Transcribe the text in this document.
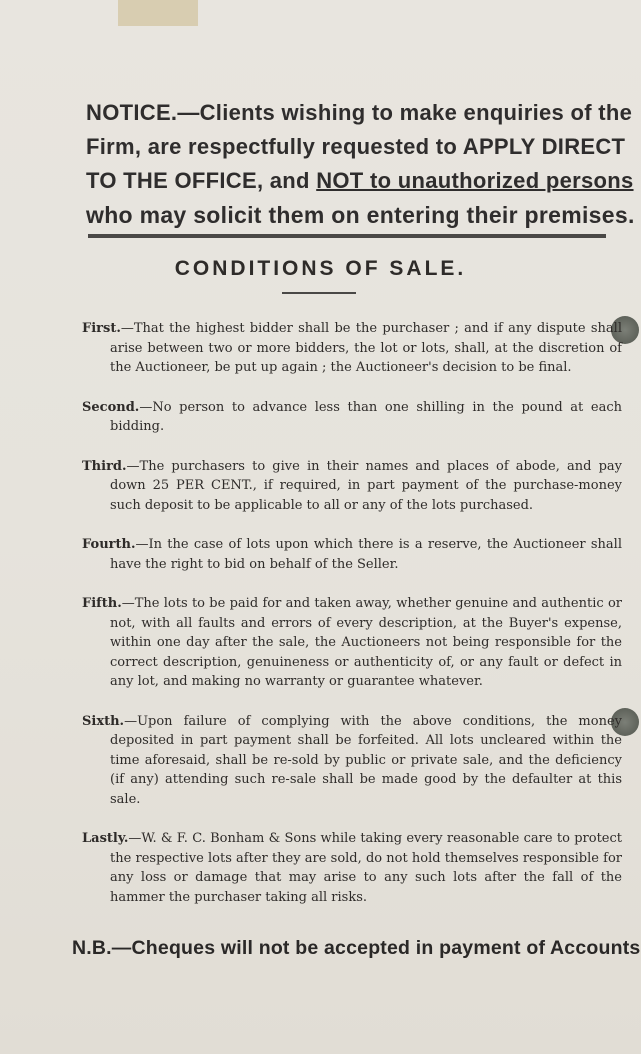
NOTICE.—Clients wishing to make enquiries of the
Firm, are respectfully requested to APPLY DIRECT
TO THE OFFICE, and NOT to unauthorized persons
who may solicit them on entering their premises.
CONDITIONS OF SALE.

First.—That the highest bidder shall be the purchaser ; and if any dispute shall arise between two or more bidders, the lot or lots, shall, at the discretion of the Auctioneer, be put up again ; the Auctioneer's decision to be final.

Second.—No person to advance less than one shilling in the pound at each bidding.

Third.—The purchasers to give in their names and places of abode, and pay down 25 PER CENT., if required, in part payment of the purchase-money such deposit to be applicable to all or any of the lots purchased.

Fourth.—In the case of lots upon which there is a reserve, the Auctioneer shall have the right to bid on behalf of the Seller.

Fifth.—The lots to be paid for and taken away, whether genuine and authentic or not, with all faults and errors of every description, at the Buyer's expense, within one day after the sale, the Auctioneers not being responsible for the correct description, genuineness or authenticity of, or any fault or defect in any lot, and making no warranty or guarantee whatever.

Sixth.—Upon failure of complying with the above conditions, the money deposited in part payment shall be forfeited. All lots uncleared within the time aforesaid, shall be re-sold by public or private sale, and the deficiency (if any) attending such re-sale shall be made good by the defaulter at this sale.

Lastly.—W. & F. C. Bonham & Sons while taking every reasonable care to protect the respective lots after they are sold, do not hold themselves responsible for any loss or damage that may arise to any such lots after the fall of the hammer the purchaser taking all risks.

N.B.—Cheques will not be accepted in payment of Accounts
